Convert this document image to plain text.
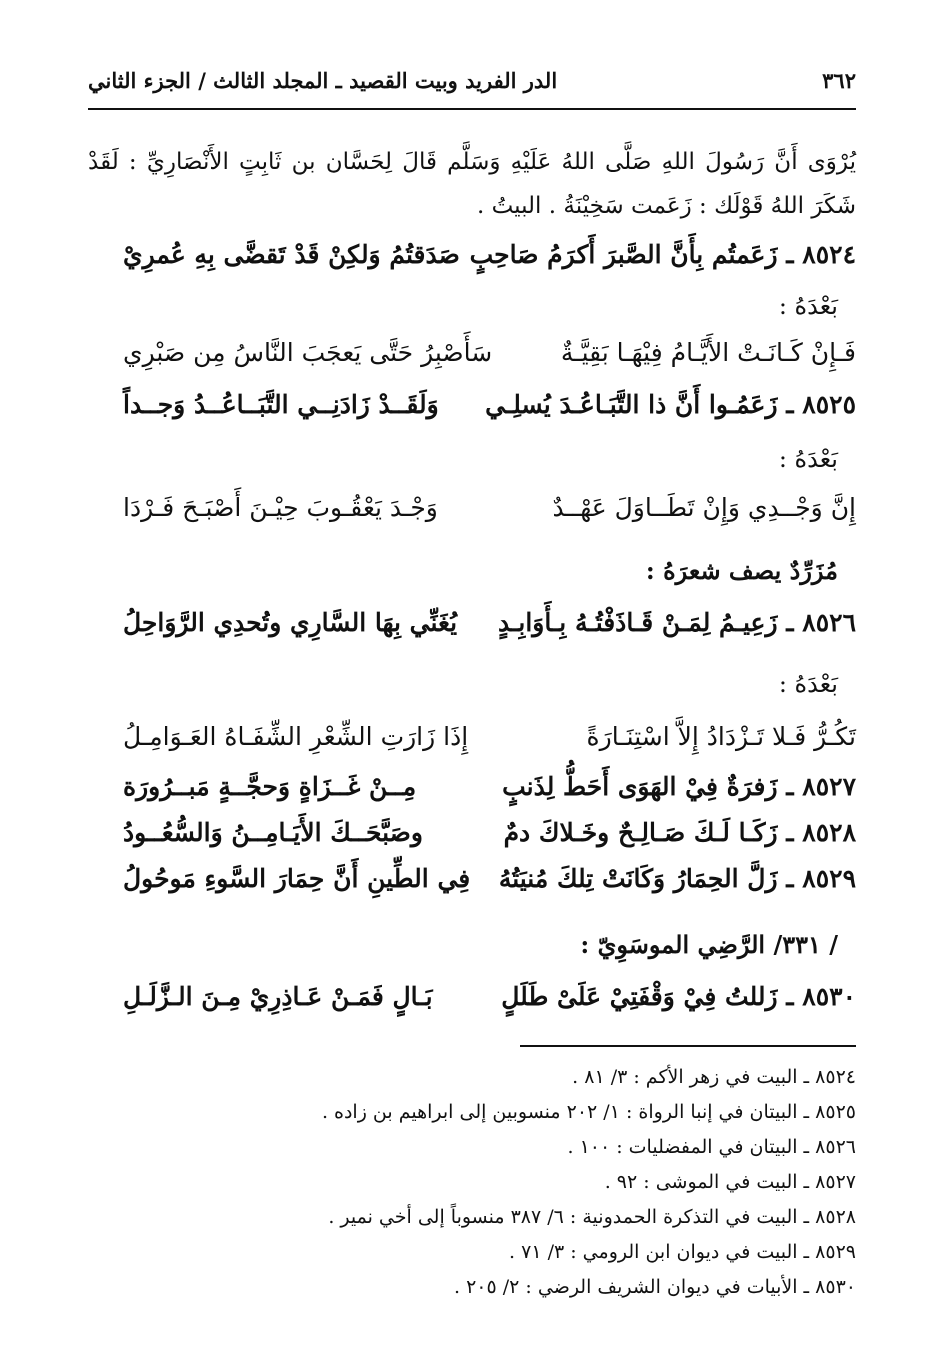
٣٦٢
الدر الفريد وبيت القصيد ـ المجلد الثالث / الجزء الثاني
يُرْوَى أَنَّ رَسُولَ اللهِ صَلَّى اللهُ عَلَيْهِ وَسَلَّم قَالَ لِحَسَّان بن ثَابِتٍ الأَنْصَارِيِّ : لَقَدْ شَكَرَ اللهُ قَوْلَك : زَعَمت سَخِيْنَةُ . البيتُ .
٨٥٢٤ ـ زَعَمتُم بِأَنَّ الصَّبرَ أَكرَمُ صَاحِبٍ
صَدَقتُمُ وَلكِنْ قَدْ تَقضَّى بِهِ عُمرِيْ
بَعْدَهُ :
فَـإِنْ كَـانَـتْ الأَيَّـامُ فِيْهَـا بَقِيَّـةٌ
سَأَصْبِرُ حَتَّى يَعجَبَ النَّاسُ مِن صَبْرِي
٨٥٢٥ ـ زَعَمُـوا أَنَّ ذا التَّبَـاعُـدَ يُسلِـي
وَلَقَــدْ زَادَنِــي التَّبَــاعُــدُ وَجــداً
بَعْدَهُ :
إِنَّ وَجْــدِي وَإِنْ تَطَــاوَلَ عَهْــدٌ
وَجْـدَ يَعْقُـوبَ حِيْـنَ أَصْبَـحَ فَـرْدَا
مُزَرِّدٌ يصف شعرَهُ :
٨٥٢٦ ـ زَعِيـمُ لِمَـنْ قَـاذَفْتُـهُ بِـأَوَابِـدٍ
يُغَنِّي بِهَا السَّارِي وتُحدِي الرَّوَاحِلُ
بَعْدَهُ :
تَكُـرُّ فَـلا تَـزْدَادُ إِلاَّ اسْتِنَـارَةً
إِذَا زَارَتِ الشِّعْرِ الشِّفَـاهُ العَـوَامِـلُ
٨٥٢٧ ـ زَفرَةٌ فِيْ الهَوَى أَحَطُّ لِذَنبٍ
مِــنْ غَــزَاةٍ وَحجَّــةٍ مَبــرُورَة
٨٥٢٨ ـ زَكَـا لَـكَ صَـالِـحٌ وخَـلاكَ دمٌ
وصَبَّحَــكَ الأَيَـامِــنُ وَالسُّعُــودُ
٨٥٢٩ ـ زَلَّ الحِمَارُ وَكَانَتْ تِلكَ مُنيَتُهُ
فِي الطِّينِ أَنَّ حِمَارَ السَّوءِ مَوحُولُ
/ ٣٣١/ الرَّضِي الموسَوِيّ :
٨٥٣٠ ـ زَللتُ فِيْ وَقْفَتِيْ عَلَىْ طَلَلٍ
بَـالٍ فَمَـنْ عَـاذِرِيْ مِـنَ الـزَّلَـلِ
٨٥٢٤ ـ البيت في زهر الأكم : ٣/ ٨١ .
٨٥٢٥ ـ البيتان في إنبا الرواة : ١/ ٢٠٢ منسوبين إلى ابراهيم بن زاده .
٨٥٢٦ ـ البيتان في المفضليات : ١٠٠ .
٨٥٢٧ ـ البيت في الموشى : ٩٢ .
٨٥٢٨ ـ البيت في التذكرة الحمدونية : ٦/ ٣٨٧ منسوباً إلى أخي نمير .
٨٥٢٩ ـ البيت في ديوان ابن الرومي : ٣/ ٧١ .
٨٥٣٠ ـ الأبيات في ديوان الشريف الرضي : ٢/ ٢٠٥ .
